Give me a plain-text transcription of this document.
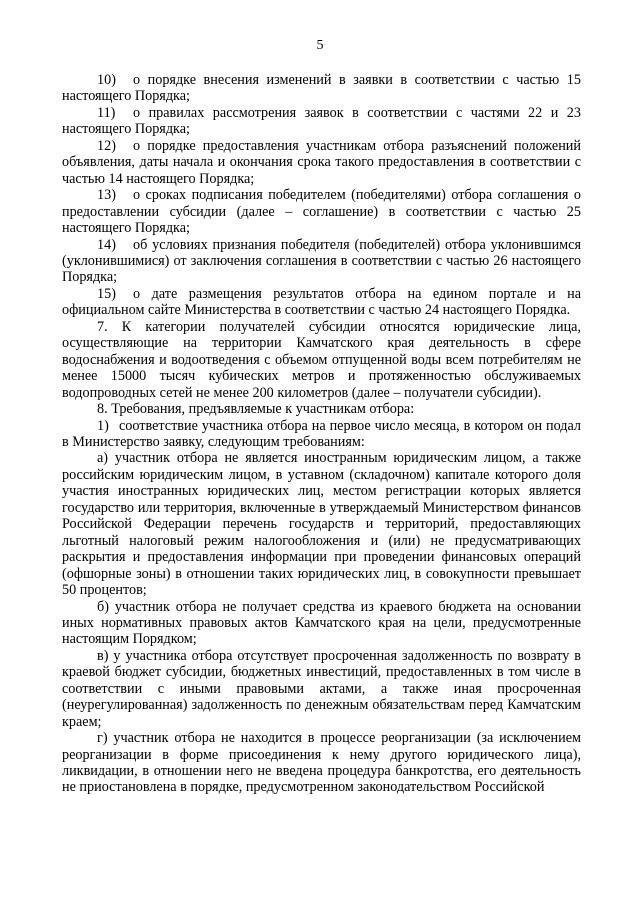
5

10) о порядке внесения изменений в заявки в соответствии с частью 15 настоящего Порядка;

11) о правилах рассмотрения заявок в соответствии с частями 22 и 23 настоящего Порядка;

12) о порядке предоставления участникам отбора разъяснений положений объявления, даты начала и окончания срока такого предоставления в соответствии с частью 14 настоящего Порядка;

13) о сроках подписания победителем (победителями) отбора соглашения о предоставлении субсидии (далее – соглашение) в соответствии с частью 25 настоящего Порядка;

14) об условиях признания победителя (победителей) отбора уклонившимся (уклонившимися) от заключения соглашения в соответствии с частью 26 настоящего Порядка;

15) о дате размещения результатов отбора на едином портале и на официальном сайте Министерства в соответствии с частью 24 настоящего Порядка.

7. К категории получателей субсидии относятся юридические лица, осуществляющие на территории Камчатского края деятельность в сфере водоснабжения и водоотведения с объемом отпущенной воды всем потребителям не менее 15000 тысяч кубических метров и протяженностью обслуживаемых водопроводных сетей не менее 200 километров (далее – получатели субсидии).

8. Требования, предъявляемые к участникам отбора:

1) соответствие участника отбора на первое число месяца, в котором он подал в Министерство заявку, следующим требованиям:

а) участник отбора не является иностранным юридическим лицом, а также российским юридическим лицом, в уставном (складочном) капитале которого доля участия иностранных юридических лиц, местом регистрации которых является государство или территория, включенные в утверждаемый Министерством финансов Российской Федерации перечень государств и территорий, предоставляющих льготный налоговый режим налогообложения и (или) не предусматривающих раскрытия и предоставления информации при проведении финансовых операций (офшорные зоны) в отношении таких юридических лиц, в совокупности превышает 50 процентов;

б) участник отбора не получает средства из краевого бюджета на основании иных нормативных правовых актов Камчатского края на цели, предусмотренные настоящим Порядком;

в) у участника отбора отсутствует просроченная задолженность по возврату в краевой бюджет субсидии, бюджетных инвестиций, предоставленных в том числе в соответствии с иными правовыми актами, а также иная просроченная (неурегулированная) задолженность по денежным обязательствам перед Камчатским краем;

г) участник отбора не находится в процессе реорганизации (за исключением реорганизации в форме присоединения к нему другого юридического лица), ликвидации, в отношении него не введена процедура банкротства, его деятельность не приостановлена в порядке, предусмотренном законодательством Российской
